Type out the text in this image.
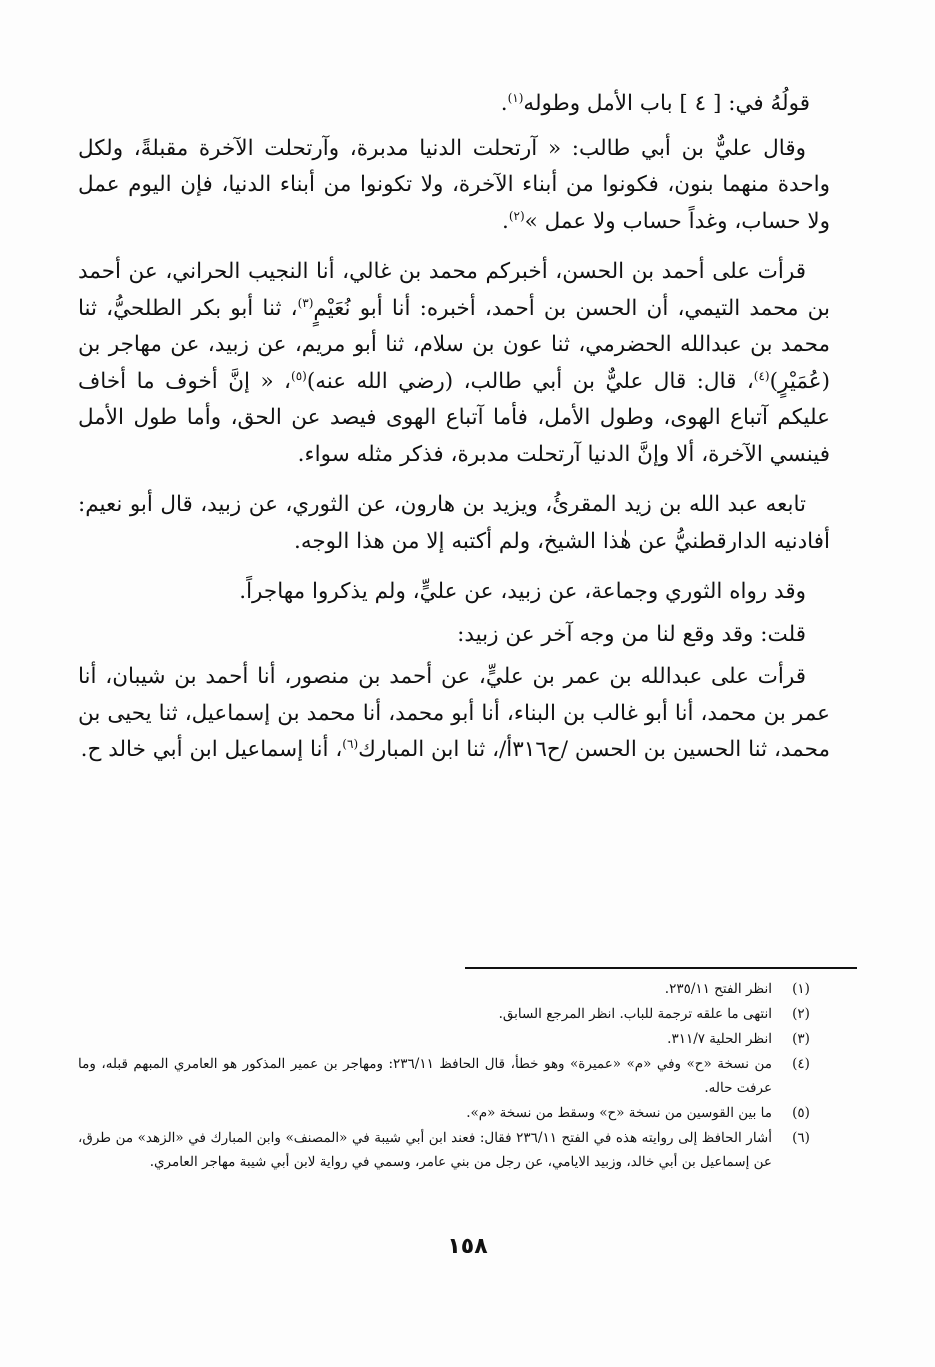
قولُهُ في: [ ٤ ] باب الأمل وطوله$^{(١)}$.

وقال عليٌّ بن أبي طالب: « آرتحلت الدنيا مدبرة، وآرتحلت الآخرة مقبلةً، ولكل واحدة منهما بنون، فكونوا من أبناء الآخرة، ولا تكونوا من أبناء الدنيا، فإن اليوم عمل ولا حساب، وغداً حساب ولا عمل »$^{(٢)}$.

قرأت على أحمد بن الحسن، أخبركم محمد بن غالي، أنا النجيب الحراني، عن أحمد بن محمد التيمي، أن الحسن بن أحمد، أخبره: أنا أبو نُعَيْمٍ$^{(٣)}$، ثنا أبو بكر الطلحيُّ، ثنا محمد بن عبدالله الحضرمي، ثنا عون بن سلام، ثنا أبو مريم، عن زبيد، عن مهاجر بن (عُمَيْرٍ)$^{(٤)}$، قال: قال عليٌّ بن أبي طالب، (رضي الله عنه)$^{(٥)}$، « إنَّ أخوف ما أخاف عليكم آتباع الهوى، وطول الأمل، فأما آتباع الهوى فيصد عن الحق، وأما طول الأمل فينسي الآخرة، ألا وإنَّ الدنيا آرتحلت مدبرة، فذكر مثله سواء.

تابعه عبد الله بن زيد المقرئُ، ويزيد بن هارون، عن الثوري، عن زبيد، قال أبو نعيم: أفادنيه الدارقطنيُّ عن هٰذا الشيخ، ولم أكتبه إلا من هذا الوجه.

وقد رواه الثوري وجماعة، عن زبيد، عن عليٍّ، ولم يذكروا مهاجراً.

قلت: وقد وقع لنا من وجه آخر عن زبيد:

قرأت على عبدالله بن عمر بن عليٍّ، عن أحمد بن منصور، أنا أحمد بن شيبان، أنا عمر بن محمد، أنا أبو غالب بن البناء، أنا أبو محمد، أنا محمد بن إسماعيل، ثنا يحيى بن محمد، ثنا الحسين بن الحسن /ح٣١٦أ/، ثنا ابن المبارك$^{(٦)}$، أنا إسماعيل ابن أبي خالد ح.

(١)
انظر الفتح ٢٣٥/١١.
(٢)
انتهى ما علقه ترجمة للباب. انظر المرجع السابق.
(٣)
انظر الحلية ٣١١/٧.
(٤)
من نسخة «ح» وفي «م» «عميرة» وهو خطأ، قال الحافظ ٢٣٦/١١: ومهاجر بن عمير المذكور هو العامري المبهم قبله، وما عرفت حاله.
(٥)
ما بين القوسين من نسخة «ح» وسقط من نسخة «م».
(٦)
أشار الحافظ إلى روايته هذه في الفتح ٢٣٦/١١ فقال: فعند ابن أبي شيبة في «المصنف» وابن المبارك في «الزهد» من طرق، عن إسماعيل بن أبي خالد، وزبيد الايامي، عن رجل من بني عامر، وسمي في رواية لابن أبي شيبة مهاجر العامري.
١٥٨
